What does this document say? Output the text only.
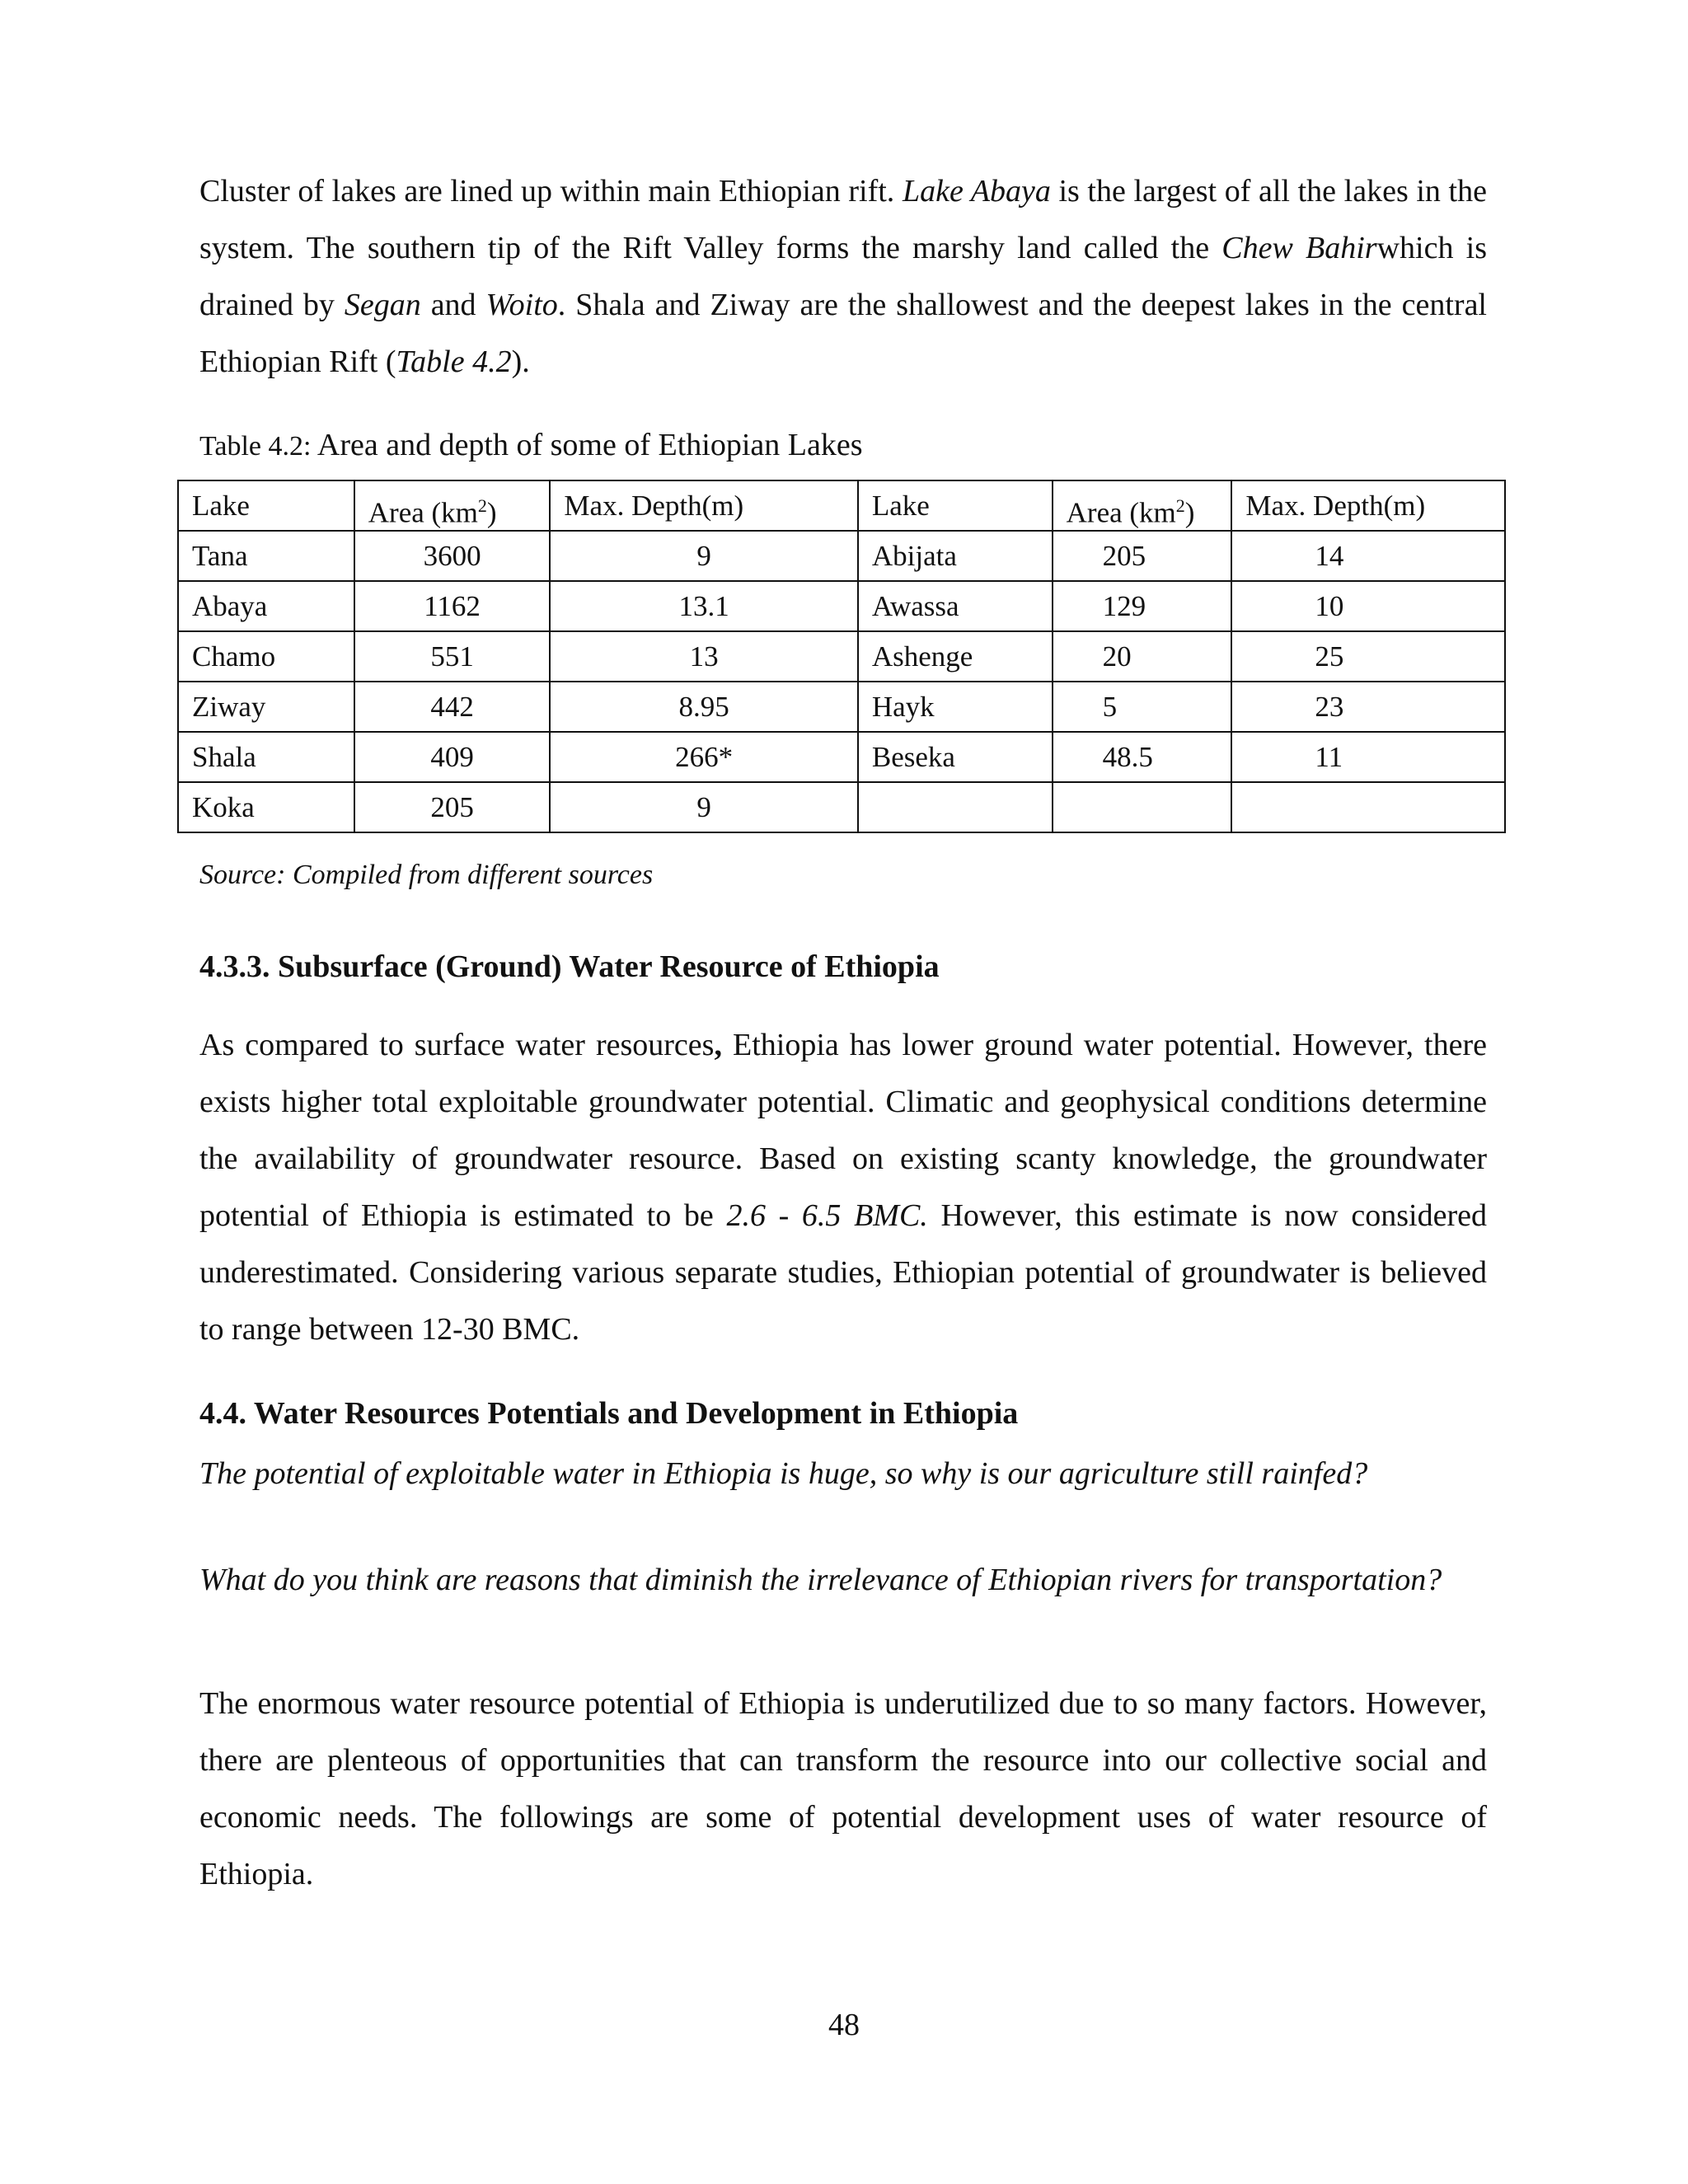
Cluster of lakes are lined up within main Ethiopian rift. Lake Abaya is the largest of all the lakes in the system. The southern tip of the Rift Valley forms the marshy land called the Chew Bahirwhich is drained by Segan and Woito. Shala and Ziway are the shallowest and the deepest lakes in the central Ethiopian Rift (Table 4.2).

Table 4.2: Area and depth of some of Ethiopian Lakes

Lake	Area $(km^2)$	Max. Depth(m)	Lake	Area $(km^2)$	Max. Depth(m)
Tana	3600	9	Abijata	205	14
Abaya	1162	13.1	Awassa	129	10
Chamo	551	13	Ashenge	20	25
Ziway	442	8.95	Hayk	5	23
Shala	409	266*	Beseka	48.5	11
Koka	205	9			

Source: Compiled from different sources

4.3.3. Subsurface (Ground) Water Resource of Ethiopia

As compared to surface water resources, Ethiopia has lower ground water potential. However, there exists higher total exploitable groundwater potential. Climatic and geophysical conditions determine the availability of groundwater resource. Based on existing scanty knowledge, the groundwater potential of Ethiopia is estimated to be 2.6 - 6.5 BMC. However, this estimate is now considered underestimated. Considering various separate studies, Ethiopian potential of groundwater is believed to range between 12-30 BMC.

4.4. Water Resources Potentials and Development in Ethiopia

The potential of exploitable water in Ethiopia is huge, so why is our agriculture still rainfed?

What do you think are reasons that diminish the irrelevance of Ethiopian rivers for transportation?

The enormous water resource potential of Ethiopia is underutilized due to so many factors. However, there are plenteous of opportunities that can transform the resource into our collective social and economic needs. The followings are some of potential development uses of water resource of Ethiopia.

48
